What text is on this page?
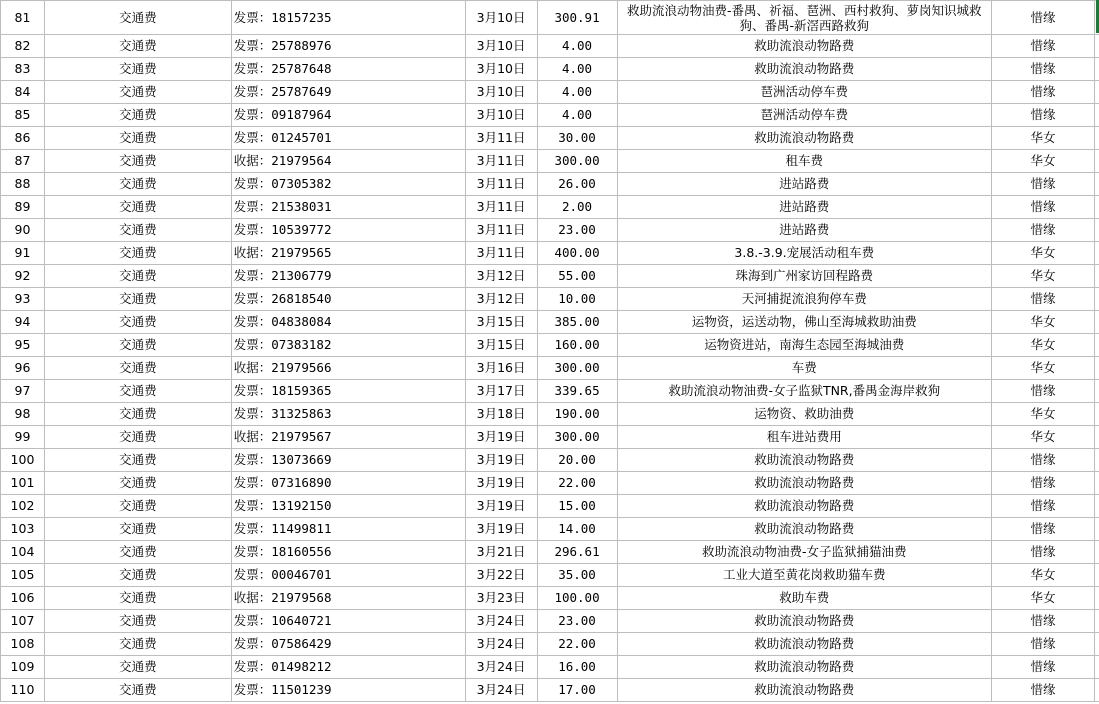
81	交通费	发票：18157235	3月10日	300.91	救助流浪动物油费-番禺、祈福、琶洲、西村救狗、萝岗知识城救狗、番禺-新滘西路救狗	惜缘	
82	交通费	发票：25788976	3月10日	4.00	救助流浪动物路费	惜缘	
83	交通费	发票：25787648	3月10日	4.00	救助流浪动物路费	惜缘	
84	交通费	发票：25787649	3月10日	4.00	琶洲活动停车费	惜缘	
85	交通费	发票：09187964	3月10日	4.00	琶洲活动停车费	惜缘	
86	交通费	发票：01245701	3月11日	30.00	救助流浪动物路费	华女	
87	交通费	收据：21979564	3月11日	300.00	租车费	华女	
88	交通费	发票：07305382	3月11日	26.00	进站路费	惜缘	
89	交通费	发票：21538031	3月11日	2.00	进站路费	惜缘	
90	交通费	发票：10539772	3月11日	23.00	进站路费	惜缘	
91	交通费	收据：21979565	3月11日	400.00	3.8.-3.9.宠展活动租车费	华女	
92	交通费	发票：21306779	3月12日	55.00	珠海到广州家访回程路费	华女	
93	交通费	发票：26818540	3月12日	10.00	天河捕捉流浪狗停车费	惜缘	
94	交通费	发票：04838084	3月15日	385.00	运物资，运送动物，佛山至海城救助油费	华女	
95	交通费	发票：07383182	3月15日	160.00	运物资进站，南海生态园至海城油费	华女	
96	交通费	收据：21979566	3月16日	300.00	车费	华女	
97	交通费	发票：18159365	3月17日	339.65	救助流浪动物油费-女子监狱TNR,番禺金海岸救狗	惜缘	
98	交通费	发票：31325863	3月18日	190.00	运物资、救助油费	华女	
99	交通费	收据：21979567	3月19日	300.00	租车进站费用	华女	
100	交通费	发票：13073669	3月19日	20.00	救助流浪动物路费	惜缘	
101	交通费	发票：07316890	3月19日	22.00	救助流浪动物路费	惜缘	
102	交通费	发票：13192150	3月19日	15.00	救助流浪动物路费	惜缘	
103	交通费	发票：11499811	3月19日	14.00	救助流浪动物路费	惜缘	
104	交通费	发票：18160556	3月21日	296.61	救助流浪动物油费-女子监狱捕猫油费	惜缘	
105	交通费	发票：00046701	3月22日	35.00	工业大道至黄花岗救助猫车费	华女	
106	交通费	收据：21979568	3月23日	100.00	救助车费	华女	
107	交通费	发票：10640721	3月24日	23.00	救助流浪动物路费	惜缘	
108	交通费	发票：07586429	3月24日	22.00	救助流浪动物路费	惜缘	
109	交通费	发票：01498212	3月24日	16.00	救助流浪动物路费	惜缘	
110	交通费	发票：11501239	3月24日	17.00	救助流浪动物路费	惜缘	
